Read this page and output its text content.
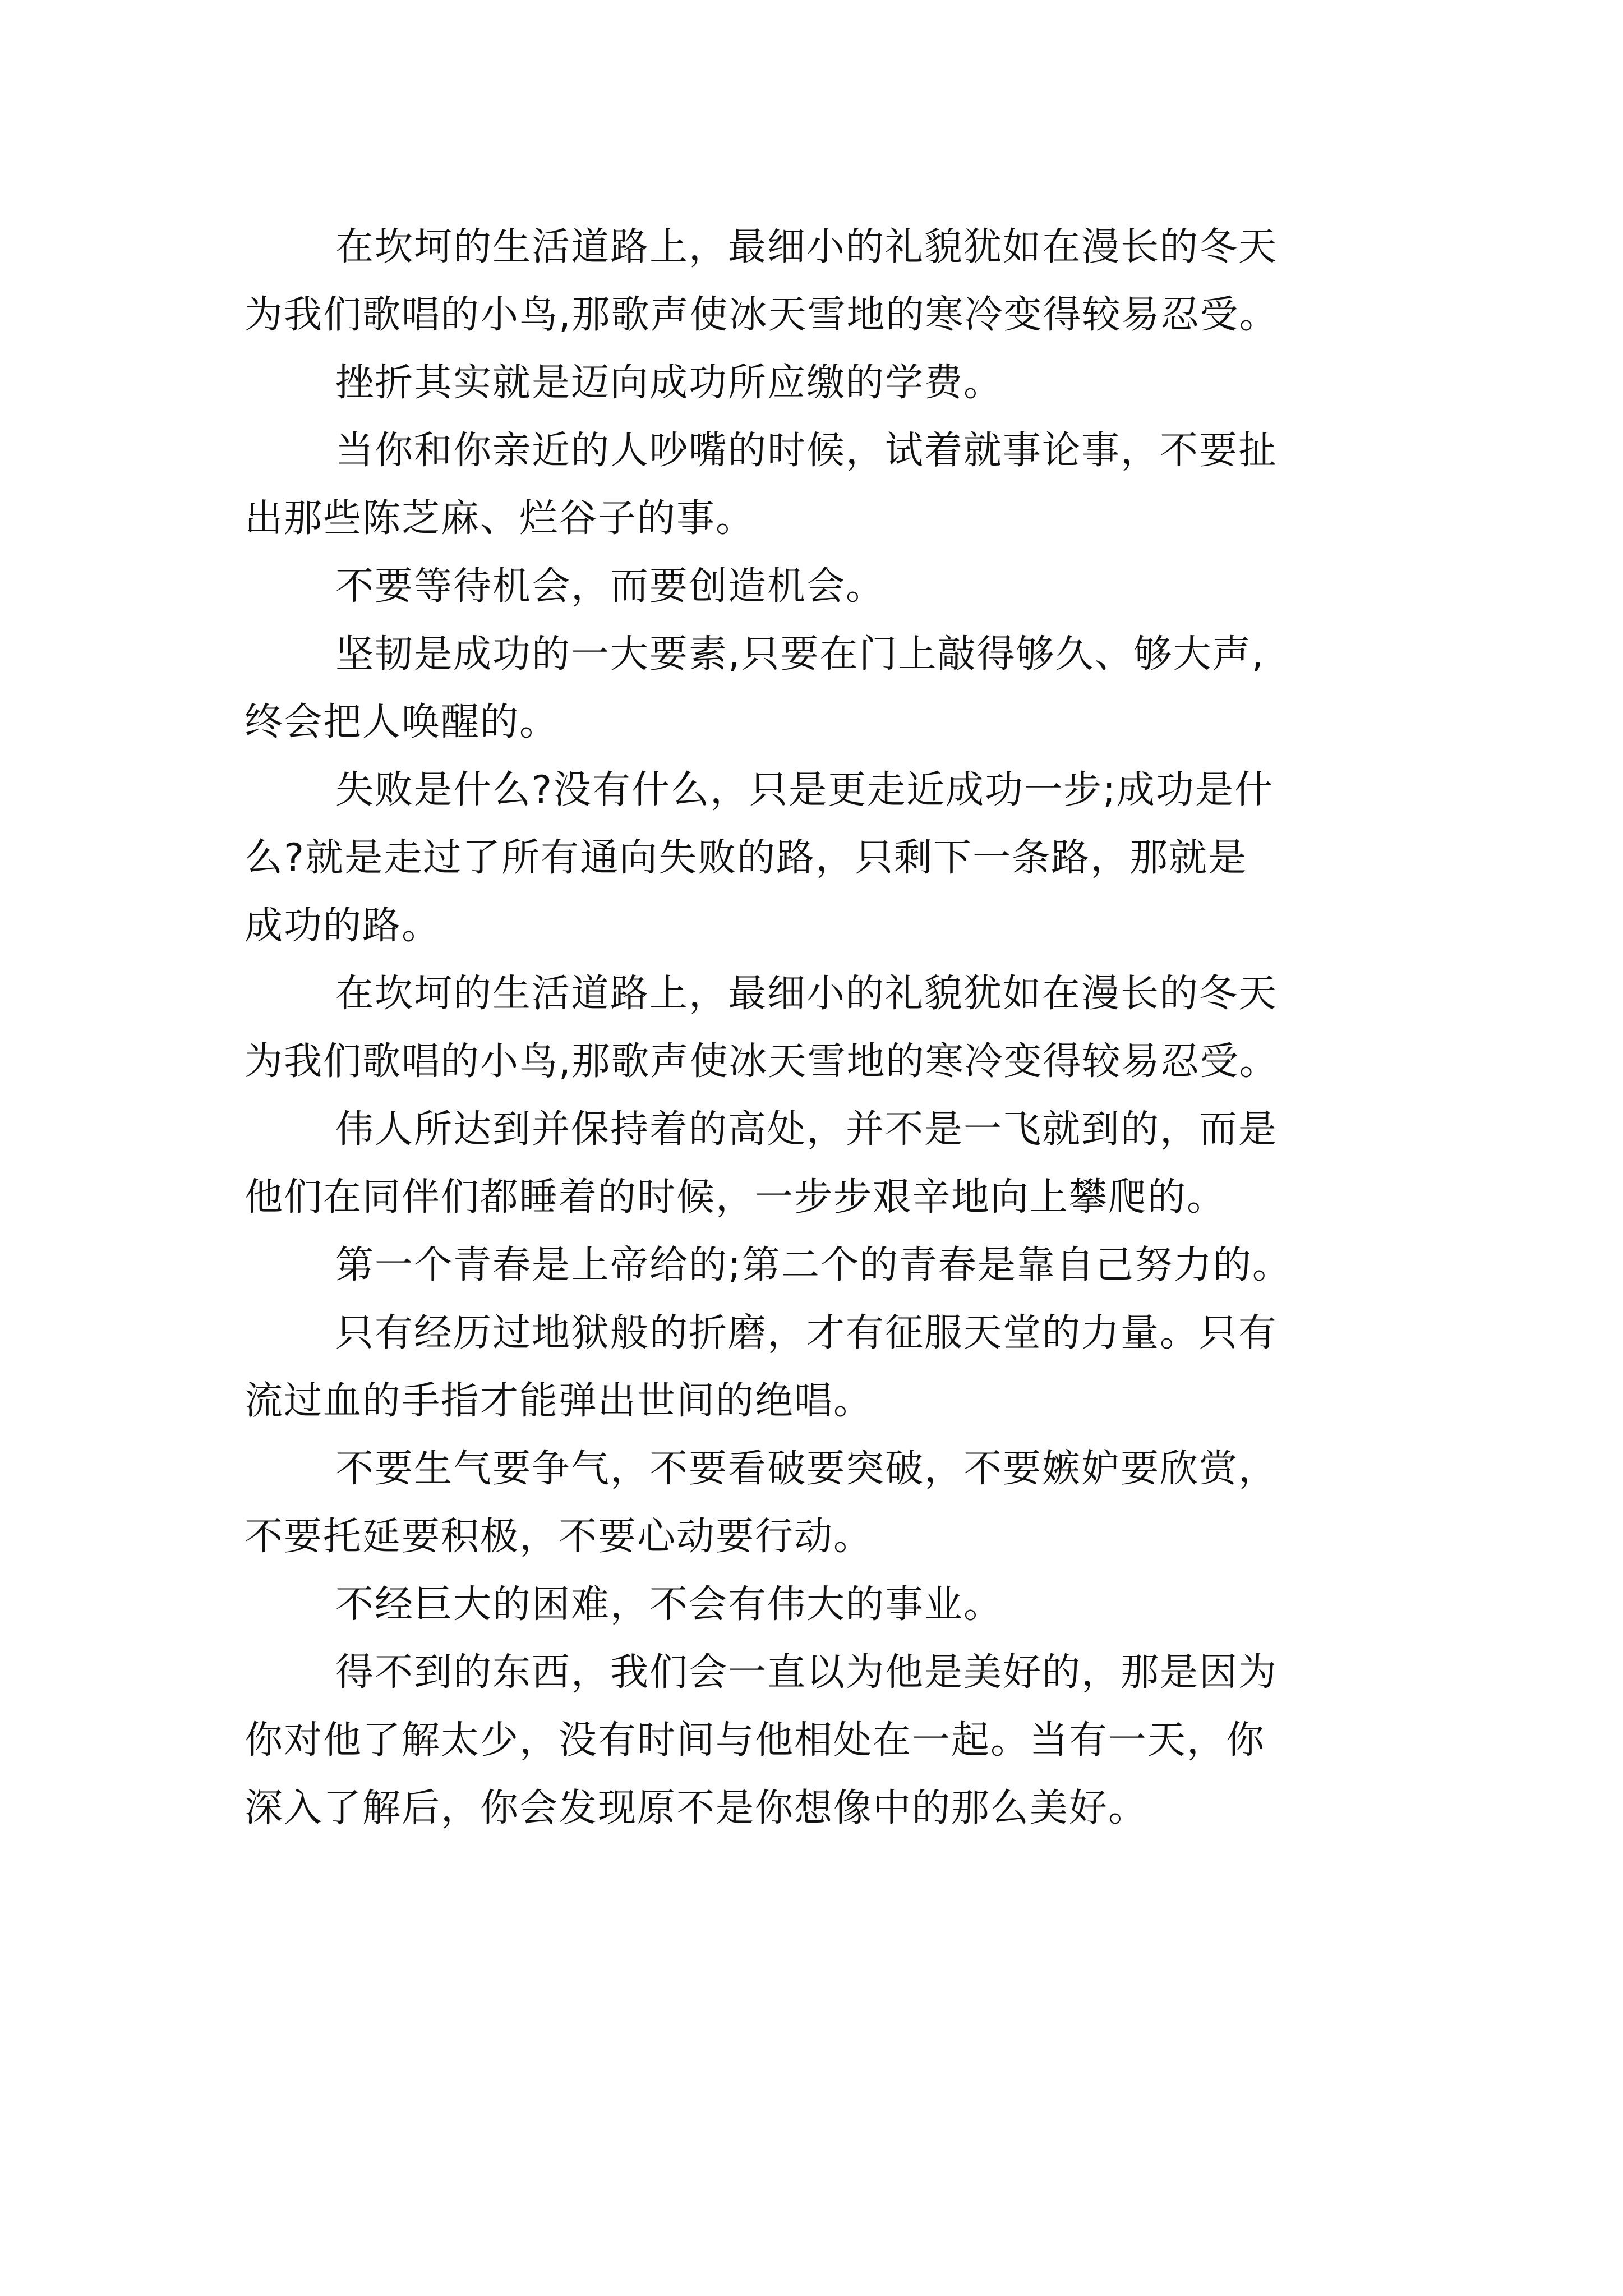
在坎坷的生活道路上，最细小的礼貌犹如在漫长的冬天
为我们歌唱的小鸟,那歌声使冰天雪地的寒冷变得较易忍受。

挫折其实就是迈向成功所应缴的学费。

当你和你亲近的人吵嘴的时候，试着就事论事，不要扯
出那些陈芝麻、烂谷子的事。

不要等待机会，而要创造机会。

坚韧是成功的一大要素,只要在门上敲得够久、够大声,
终会把人唤醒的。

失败是什么?没有什么，只是更走近成功一步;成功是什
么?就是走过了所有通向失败的路，只剩下一条路，那就是
成功的路。

在坎坷的生活道路上，最细小的礼貌犹如在漫长的冬天
为我们歌唱的小鸟,那歌声使冰天雪地的寒冷变得较易忍受。

伟人所达到并保持着的高处，并不是一飞就到的，而是
他们在同伴们都睡着的时候，一步步艰辛地向上攀爬的。

第一个青春是上帝给的;第二个的青春是靠自己努力的。

只有经历过地狱般的折磨，才有征服天堂的力量。只有
流过血的手指才能弹出世间的绝唱。

不要生气要争气，不要看破要突破，不要嫉妒要欣赏，
不要托延要积极，不要心动要行动。

不经巨大的困难，不会有伟大的事业。

得不到的东西，我们会一直以为他是美好的，那是因为
你对他了解太少，没有时间与他相处在一起。当有一天，你
深入了解后，你会发现原不是你想像中的那么美好。
